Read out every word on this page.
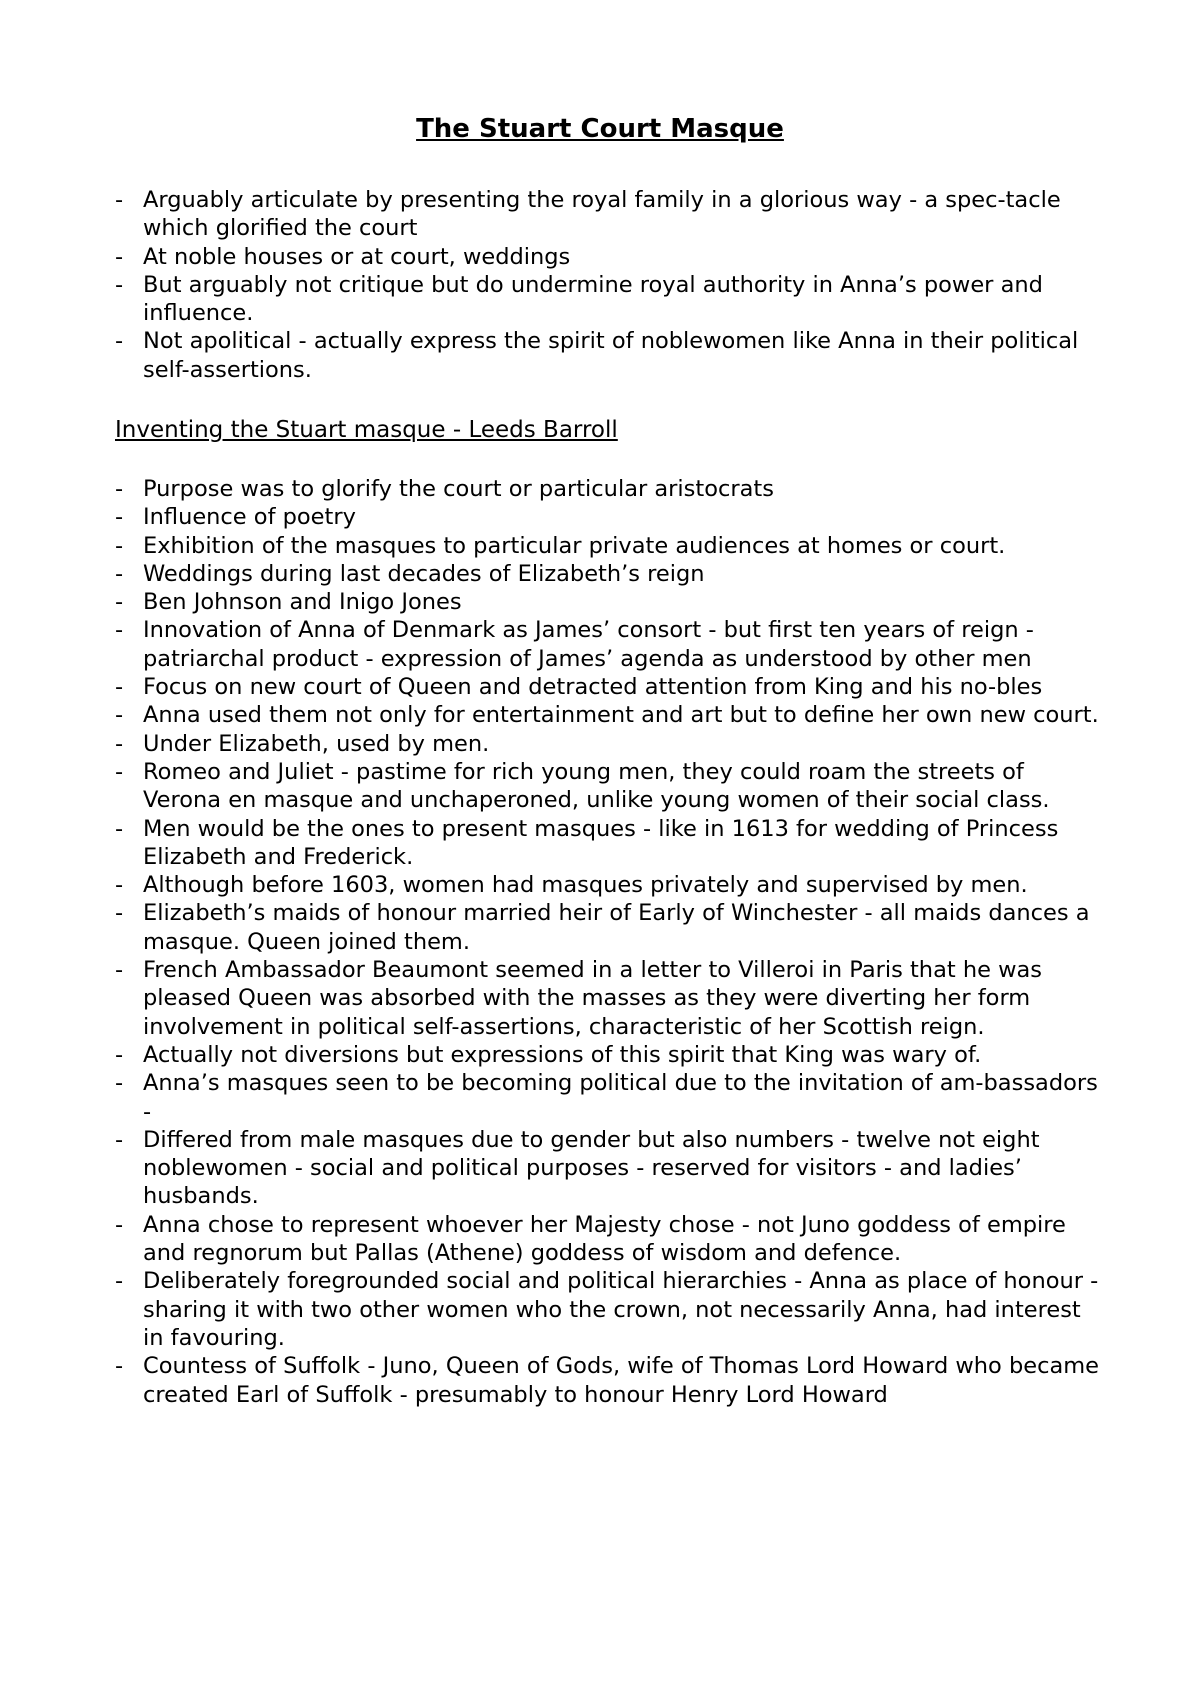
The Stuart Court Masque
- Arguably articulate by presenting the royal family in a glorious way - a spec-tacle which glorified the court
- At noble houses or at court, weddings
- But arguably not critique but do undermine royal authority in Anna’s power and influence.
- Not apolitical - actually express the spirit of noblewomen like Anna in their political self-assertions.
Inventing the Stuart masque - Leeds Barroll
- Purpose was to glorify the court or particular aristocrats
- Influence of poetry
- Exhibition of the masques to particular private audiences at homes or court.
- Weddings during last decades of Elizabeth’s reign
- Ben Johnson and Inigo Jones
- Innovation of Anna of Denmark as James’ consort - but first ten years of reign - patriarchal product - expression of James’ agenda as understood by other men
- Focus on new court of Queen and detracted attention from King and his no-bles
- Anna used them not only for entertainment and art but to define her own new court.
- Under Elizabeth, used by men.
- Romeo and Juliet - pastime for rich young men, they could roam the streets of Verona en masque and unchaperoned, unlike young women of their social class.
- Men would be the ones to present masques - like in 1613 for wedding of Princess Elizabeth and Frederick.
- Although before 1603, women had masques privately and supervised by men.
- Elizabeth’s maids of honour married heir of Early of Winchester - all maids dances a masque. Queen joined them.
- French Ambassador Beaumont seemed in a letter to Villeroi in Paris that he was pleased Queen was absorbed with the masses as they were diverting her form involvement in political self-assertions, characteristic of her Scottish reign.
- Actually not diversions but expressions of this spirit that King was wary of.
- Anna’s masques seen to be becoming political due to the invitation of am-bassadors -
- Differed from male masques due to gender but also numbers - twelve not eight noblewomen - social and political purposes - reserved for visitors - and ladies’ husbands.
- Anna chose to represent whoever her Majesty chose - not Juno goddess of empire and regnorum but Pallas (Athene) goddess of wisdom and defence.
- Deliberately foregrounded social and political hierarchies - Anna as place of honour - sharing it with two other women who the crown, not necessarily Anna, had interest in favouring.
- Countess of Suffolk - Juno, Queen of Gods, wife of Thomas Lord Howard who became created Earl of Suffolk - presumably to honour Henry Lord Howard
